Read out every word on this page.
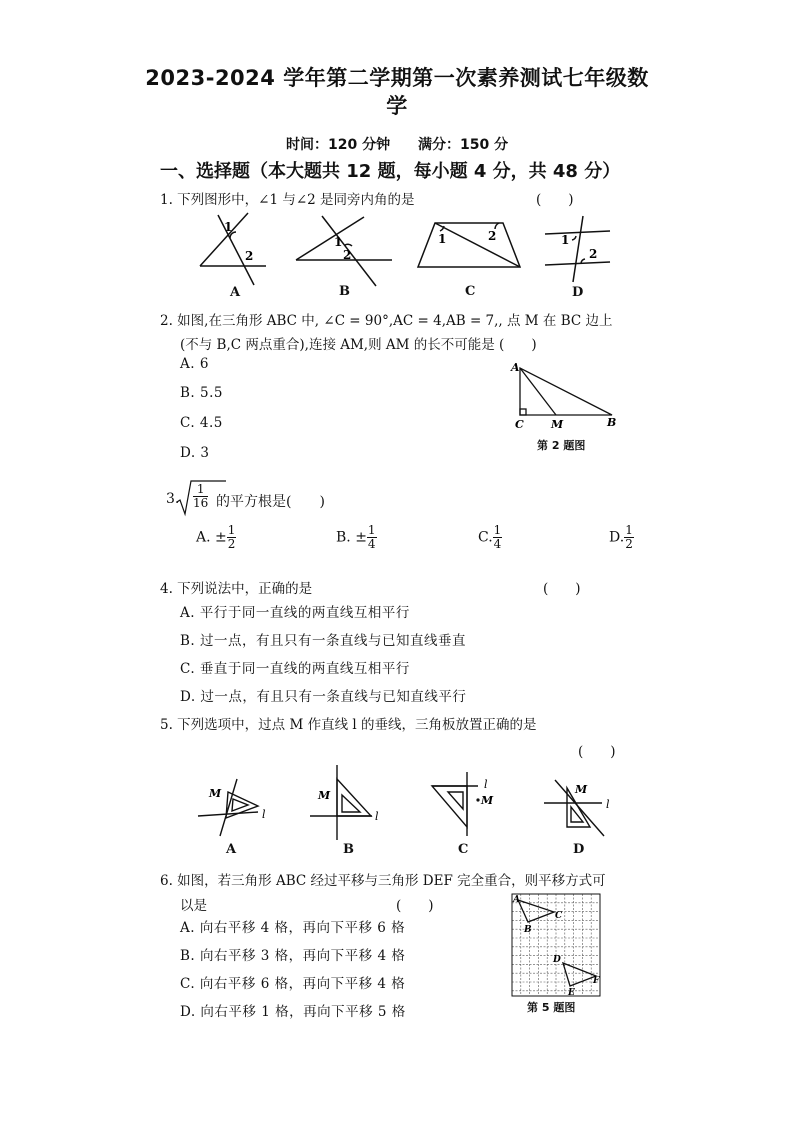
2023-2024 学年第二学期第一次素养测试七年级数
学
时间：120 分钟 满分：150 分
一、选择题（本大题共 12 题，每小题 4 分，共 48 分）
1. 下列图形中，∠1 与∠2 是同旁内角的是	(　　)
1
2
1
2
1	2	1
2
A	B	C	D
2. 如图,在三角形 ABC 中, ∠C = 90°,AC = 4,AB = 7,, 点 M 在 BC 边上
(不与 B,C 两点重合),连接 AM,则 AM 的长不可能是 (　　)
A. 6
B. 5.5
C. 4.5
D. 3
A
C M	B
第 2 题图
3. $\frac{1}{16}$ 的平方根是(　　)
A. ± $\frac{1}{2}$	B. ± $\frac{1}{4}$	C. $\frac{1}{4}$	D. $\frac{1}{2}$
4. 下列说法中，正确的是	(　　)
A. 平行于同一直线的两直线互相平行
B. 过一点，有且只有一条直线与已知直线垂直
C. 垂直于同一直线的两直线互相平行
D. 过一点，有且只有一条直线与已知直线平行
5. 下列选项中，过点 M 作直线 l 的垂线，三角板放置正确的是
(　　)
M
l
M
l
M
l	M
l
A	B	C	D
6. 如图，若三角形 ABC 经过平移与三角形 DEF 完全重合，则平移方式可
以是	(　　)
A. 向右平移 4 格，再向下平移 6 格
B. 向右平移 3 格，再向下平移 4 格
C. 向右平移 6 格，再向下平移 4 格
D. 向右平移 1 格，再向下平移 5 格
A
B
C
D
E
F
第 5 题图
